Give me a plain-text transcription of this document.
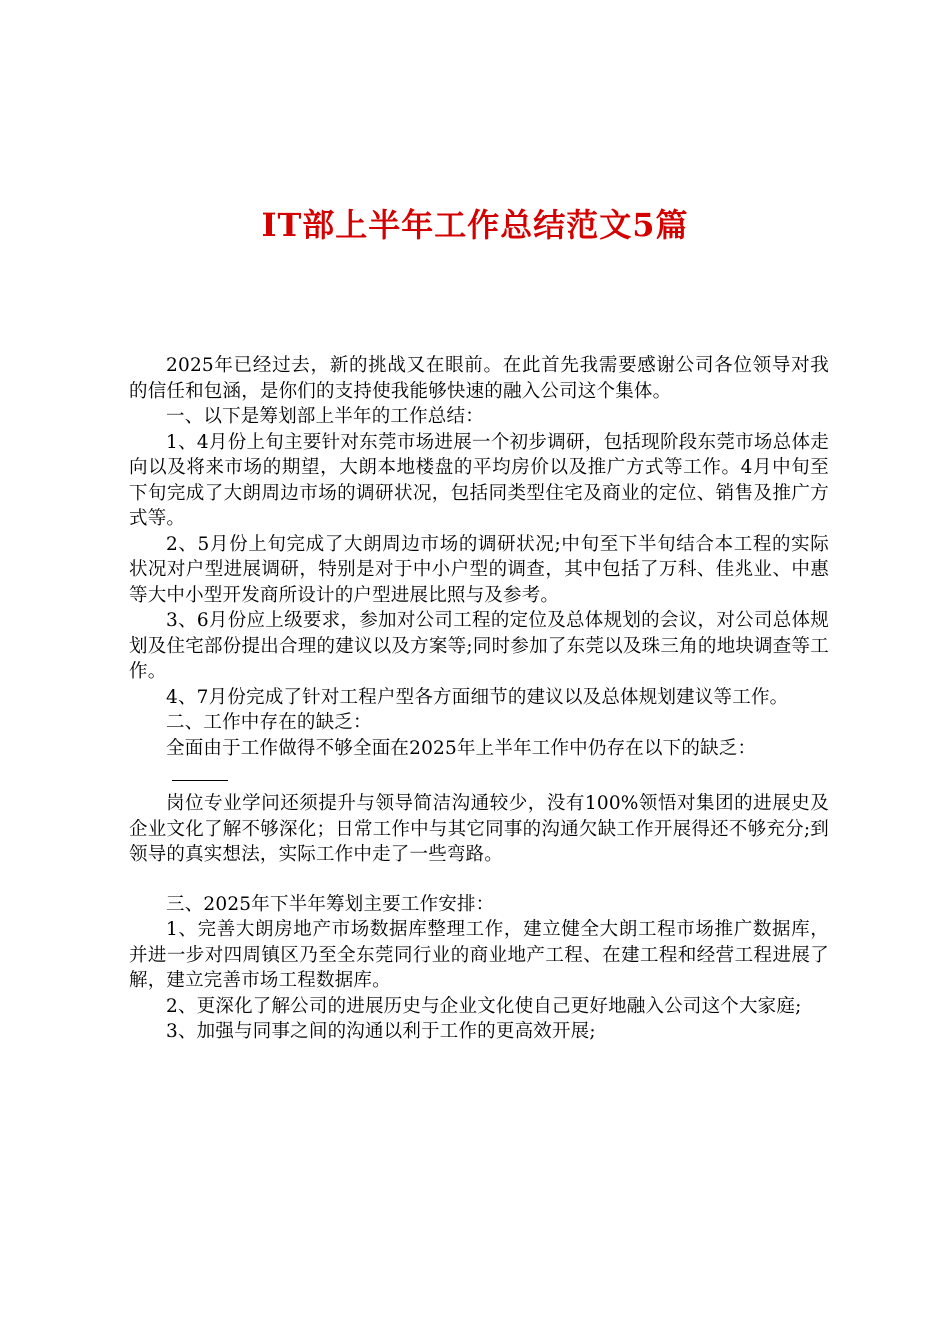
IT部上半年工作总结范文5篇

2025年已经过去，新的挑战又在眼前。在此首先我需要感谢公司各位领导对我的信任和包涵，是你们的支持使我能够快速的融入公司这个集体。

一、以下是筹划部上半年的工作总结：

1、4月份上旬主要针对东莞市场进展一个初步调研，包括现阶段东莞市场总体走向以及将来市场的期望，大朗本地楼盘的平均房价以及推广方式等工作。4月中旬至下旬完成了大朗周边市场的调研状况，包括同类型住宅及商业的定位、销售及推广方式等。

2、5月份上旬完成了大朗周边市场的调研状况;中旬至下半旬结合本工程的实际状况对户型进展调研，特别是对于中小户型的调查，其中包括了万科、佳兆业、中惠等大中小型开发商所设计的户型进展比照与及参考。

3、6月份应上级要求，参加对公司工程的定位及总体规划的会议，对公司总体规划及住宅部份提出合理的建议以及方案等;同时参加了东莞以及珠三角的地块调查等工作。

4、7月份完成了针对工程户型各方面细节的建议以及总体规划建议等工作。

二、工作中存在的缺乏：

全面由于工作做得不够全面在2025年上半年工作中仍存在以下的缺乏：

岗位专业学问还须提升与领导简洁沟通较少，没有100%领悟对集团的进展史及企业文化了解不够深化；日常工作中与其它同事的沟通欠缺工作开展得还不够充分;到领导的真实想法，实际工作中走了一些弯路。

三、2025年下半年筹划主要工作安排：

1、完善大朗房地产市场数据库整理工作，建立健全大朗工程市场推广数据库，并进一步对四周镇区乃至全东莞同行业的商业地产工程、在建工程和经营工程进展了解，建立完善市场工程数据库。

2、更深化了解公司的进展历史与企业文化使自己更好地融入公司这个大家庭;

3、加强与同事之间的沟通以利于工作的更高效开展;
